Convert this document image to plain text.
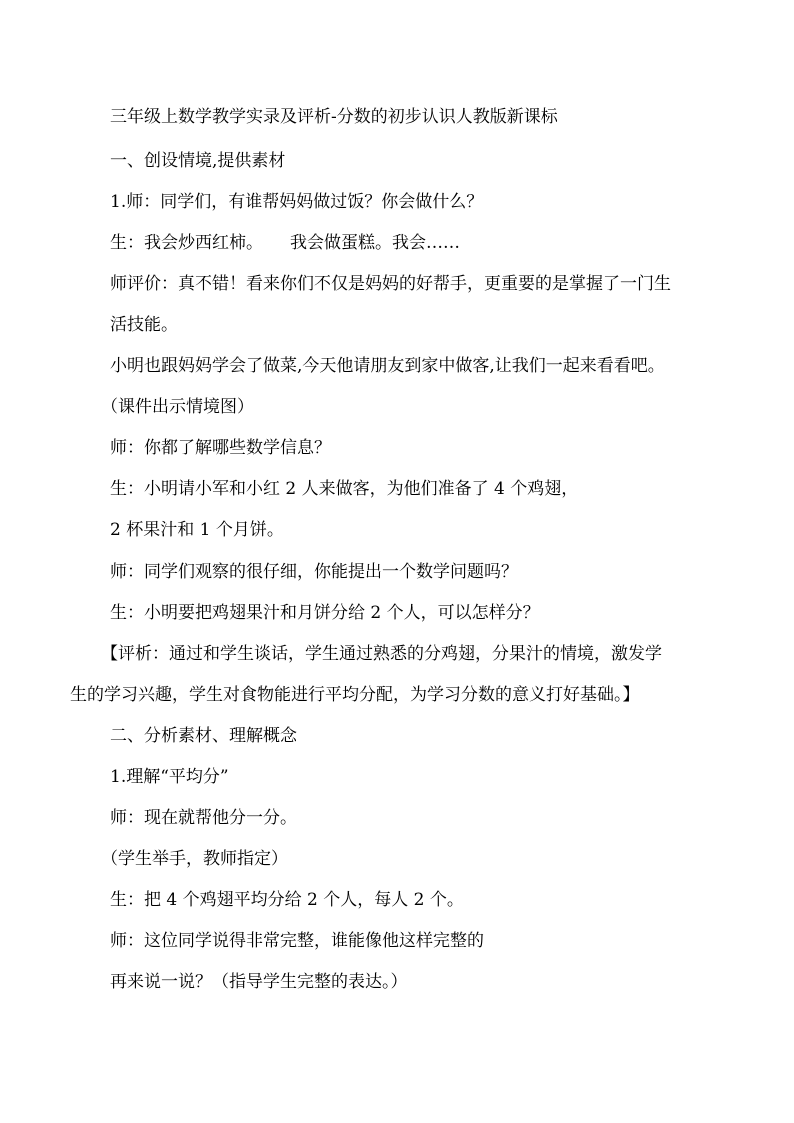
三年级上数学教学实录及评析-分数的初步认识人教版新课标
一、创设情境,提供素材
1.师：同学们，有谁帮妈妈做过饭？你会做什么？
生：我会炒西红柿。     我会做蛋糕。我会……
师评价：真不错！看来你们不仅是妈妈的好帮手，更重要的是掌握了一门生
活技能。
小明也跟妈妈学会了做菜,今天他请朋友到家中做客,让我们一起来看看吧。
（课件出示情境图）
师：你都了解哪些数学信息？
生：小明请小军和小红 2 人来做客，为他们准备了 4 个鸡翅，
2 杯果汁和 1 个月饼。
师：同学们观察的很仔细，你能提出一个数学问题吗？
生：小明要把鸡翅果汁和月饼分给 2 个人，可以怎样分？
【评析：通过和学生谈话，学生通过熟悉的分鸡翅，分果汁的情境，激发学
生的学习兴趣，学生对食物能进行平均分配，为学习分数的意义打好基础。】
二、分析素材、理解概念
1.理解“平均分”
师：现在就帮他分一分。
（学生举手，教师指定）
生：把 4 个鸡翅平均分给 2 个人，每人 2 个。
师：这位同学说得非常完整，谁能像他这样完整的
再来说一说？（指导学生完整的表达。）
